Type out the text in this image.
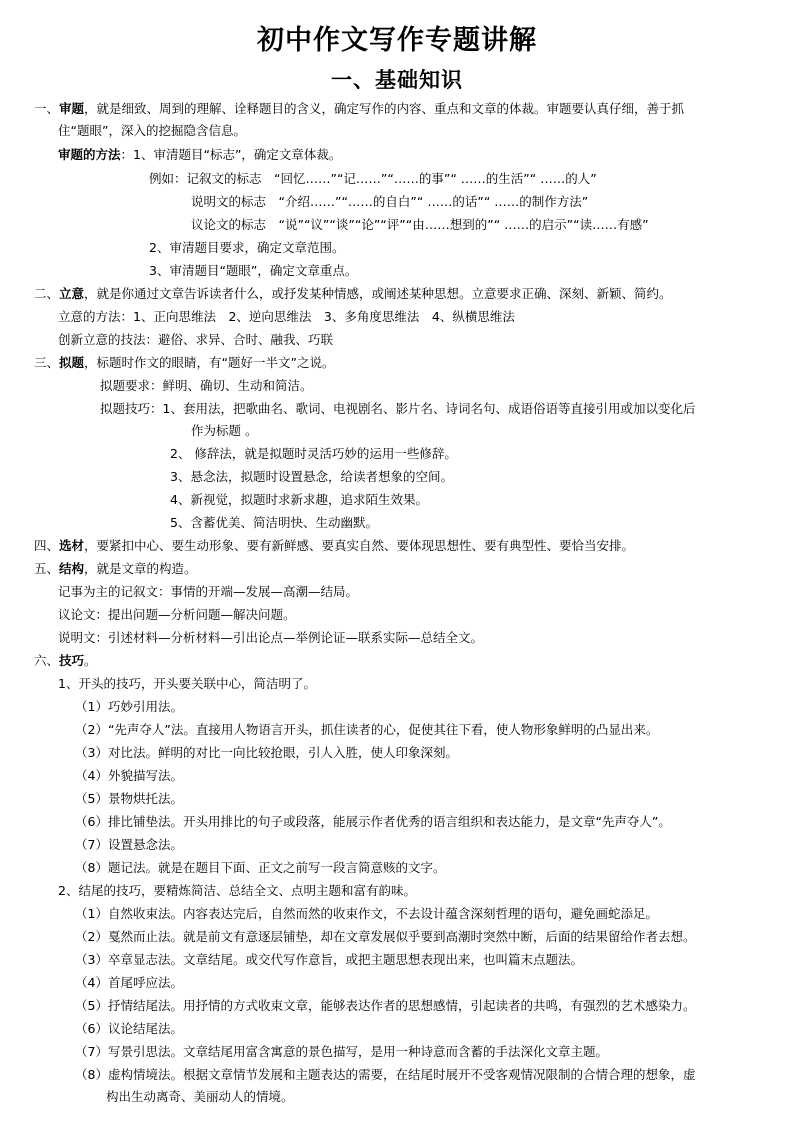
初中作文写作专题讲解
一、基础知识
一、审题，就是细致、周到的理解、诠释题目的含义，确定写作的内容、重点和文章的体裁。审题要认真仔细，善于抓
住“题眼”，深入的挖掘隐含信息。
审题的方法：1、审清题目“标志”，确定文章体裁。
例如：记叙文的标志　“回忆……”“记……”“……的事”“ ……的生活”“ ……的人”
说明文的标志　“介绍……”“……的自白”“ ……的话”“ ……的制作方法”
议论文的标志　“说”“议”“谈”“论”“评”“由……想到的”“ ……的启示”“读……有感”
2、审清题目要求，确定文章范围。
3、审清题目“题眼”，确定文章重点。
二、立意，就是你通过文章告诉读者什么，或抒发某种情感，或阐述某种思想。立意要求正确、深刻、新颖、简约。
立意的方法：1、正向思维法　2、逆向思维法　3、多角度思维法　4、纵横思维法
创新立意的技法：避俗、求异、合时、融我、巧联
三、拟题，标题时作文的眼睛，有“题好一半文”之说。
拟题要求：鲜明、确切、生动和简洁。
拟题技巧：1、套用法，把歌曲名、歌词、电视剧名、影片名、诗词名句、成语俗语等直接引用或加以变化后
作为标题 。
2、 修辞法，就是拟题时灵活巧妙的运用一些修辞。
3、悬念法，拟题时设置悬念，给读者想象的空间。
4、新视觉，拟题时求新求趣，追求陌生效果。
5、含蓄优美、简洁明快、生动幽默。
四、选材，要紧扣中心、要生动形象、要有新鲜感、要真实自然、要体现思想性、要有典型性、要恰当安排。
五、结构，就是文章的构造。
记事为主的记叙文：事情的开端—发展—高潮—结局。
议论文：提出问题—分析问题—解决问题。
说明文：引述材料—分析材料—引出论点—举例论证—联系实际—总结全文。
六、技巧。
1、开头的技巧，开头要关联中心，简洁明了。
（1）巧妙引用法。
（2）“先声夺人”法。直接用人物语言开头，抓住读者的心，促使其往下看，使人物形象鲜明的凸显出来。
（3）对比法。鲜明的对比一向比较抢眼，引人入胜，使人印象深刻。
（4）外貌描写法。
（5）景物烘托法。
（6）排比铺垫法。开头用排比的句子或段落，能展示作者优秀的语言组织和表达能力，是文章“先声夺人”。
（7）设置悬念法。
（8）题记法。就是在题目下面、正文之前写一段言简意赅的文字。
2、结尾的技巧，要精炼简洁、总结全文、点明主题和富有韵味。
（1）自然收束法。内容表达完后，自然而然的收束作文，不去设计蕴含深刻哲理的语句，避免画蛇添足。
（2）戛然而止法。就是前文有意逐层铺垫，却在文章发展似乎要到高潮时突然中断，后面的结果留给作者去想。
（3）卒章显志法。文章结尾。或交代写作意旨，或把主题思想表现出来，也叫篇末点题法。
（4）首尾呼应法。
（5）抒情结尾法。用抒情的方式收束文章，能够表达作者的思想感情，引起读者的共鸣，有强烈的艺术感染力。
（6）议论结尾法。
（7）写景引思法。文章结尾用富含寓意的景色描写，是用一种诗意而含蓄的手法深化文章主题。
（8）虚构情境法。根据文章情节发展和主题表达的需要，在结尾时展开不受客观情况限制的合情合理的想象，虚
构出生动离奇、美丽动人的情境。
